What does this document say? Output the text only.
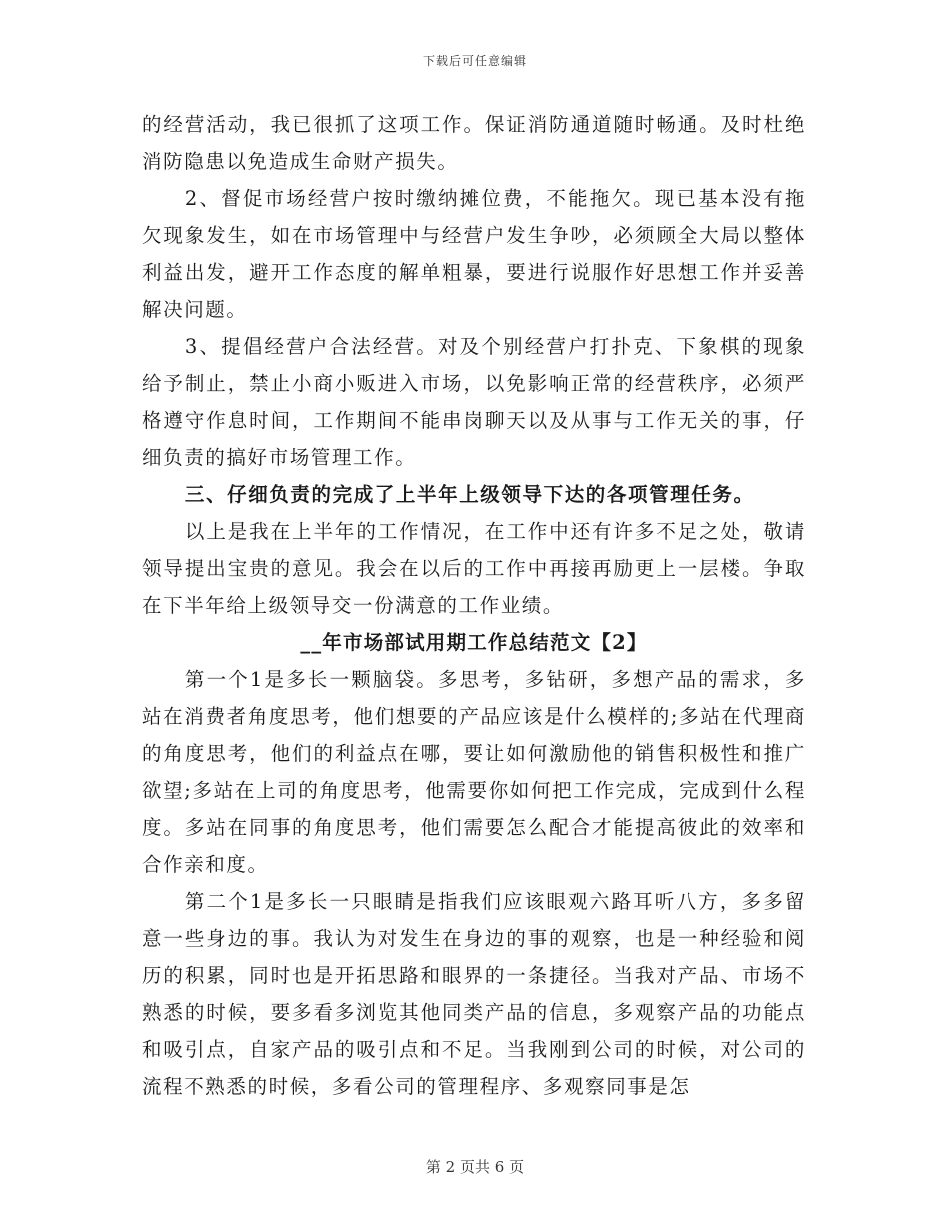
下载后可任意编辑

的经营活动，我已很抓了这项工作。保证消防通道随时畅通。及时杜绝消防隐患以免造成生命财产损失。

2、督促市场经营户按时缴纳摊位费，不能拖欠。现已基本没有拖欠现象发生，如在市场管理中与经营户发生争吵，必须顾全大局以整体利益出发，避开工作态度的解单粗暴，要进行说服作好思想工作并妥善解决问题。

3、提倡经营户合法经营。对及个别经营户打扑克、下象棋的现象给予制止，禁止小商小贩进入市场，以免影响正常的经营秩序，必须严格遵守作息时间，工作期间不能串岗聊天以及从事与工作无关的事，仔细负责的搞好市场管理工作。

三、仔细负责的完成了上半年上级领导下达的各项管理任务。

以上是我在上半年的工作情况，在工作中还有许多不足之处，敬请领导提出宝贵的意见。我会在以后的工作中再接再励更上一层楼。争取在下半年给上级领导交一份满意的工作业绩。

__年市场部试用期工作总结范文【2】

第一个1是多长一颗脑袋。多思考，多钻研，多想产品的需求，多站在消费者角度思考，他们想要的产品应该是什么模样的;多站在代理商的角度思考，他们的利益点在哪，要让如何激励他的销售积极性和推广欲望;多站在上司的角度思考，他需要你如何把工作完成，完成到什么程度。多站在同事的角度思考，他们需要怎么配合才能提高彼此的效率和合作亲和度。

第二个1是多长一只眼睛是指我们应该眼观六路耳听八方，多多留意一些身边的事。我认为对发生在身边的事的观察，也是一种经验和阅历的积累，同时也是开拓思路和眼界的一条捷径。当我对产品、市场不熟悉的时候，要多看多浏览其他同类产品的信息，多观察产品的功能点和吸引点，自家产品的吸引点和不足。当我刚到公司的时候，对公司的流程不熟悉的时候，多看公司的管理程序、多观察同事是怎

第 2 页共 6 页
